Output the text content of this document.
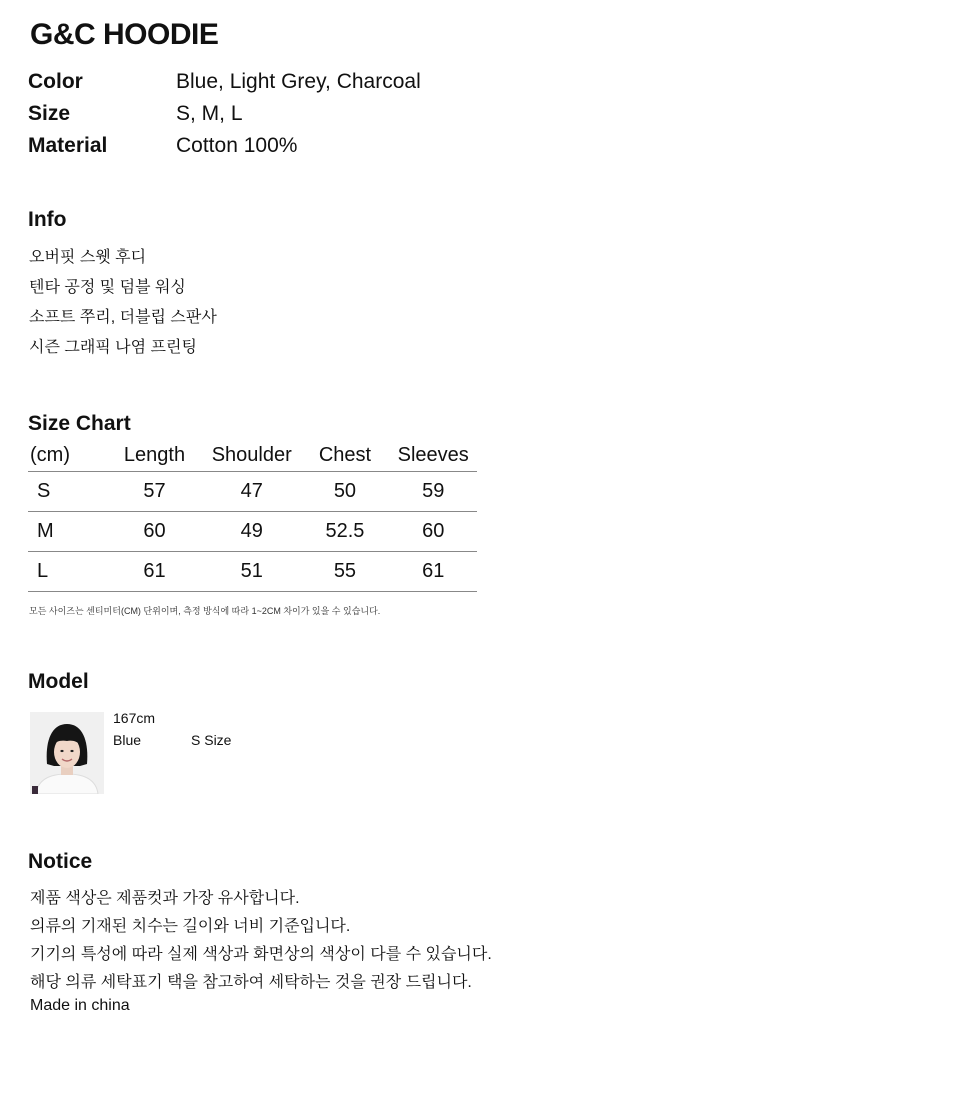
G&C HOODIE
Color	Blue, Light Grey, Charcoal
Size	S, M, L
Material	Cotton 100%
Info
오버핏 스웻 후디
텐타 공정 및 덤블 워싱
소프트 쭈리, 더블립 스판사
시즌 그래픽 나염 프린팅
Size Chart
(cm)	Length	Shoulder	Chest	Sleeves
S	57	47	50	59
M	60	49	52.5	60
L	61	51	55	61
모든 사이즈는 센티미터(CM) 단위이며, 측정 방식에 따라 1~2CM 차이가 있을 수 있습니다.
Model
167cm
Blue	S Size
Notice
제품 색상은 제품컷과 가장 유사합니다.
의류의 기재된 치수는 길이와 너비 기준입니다.
기기의 특성에 따라 실제 색상과 화면상의 색상이 다를 수 있습니다.
해당 의류 세탁표기 택을 참고하여 세탁하는 것을 권장 드립니다.
Made in china
